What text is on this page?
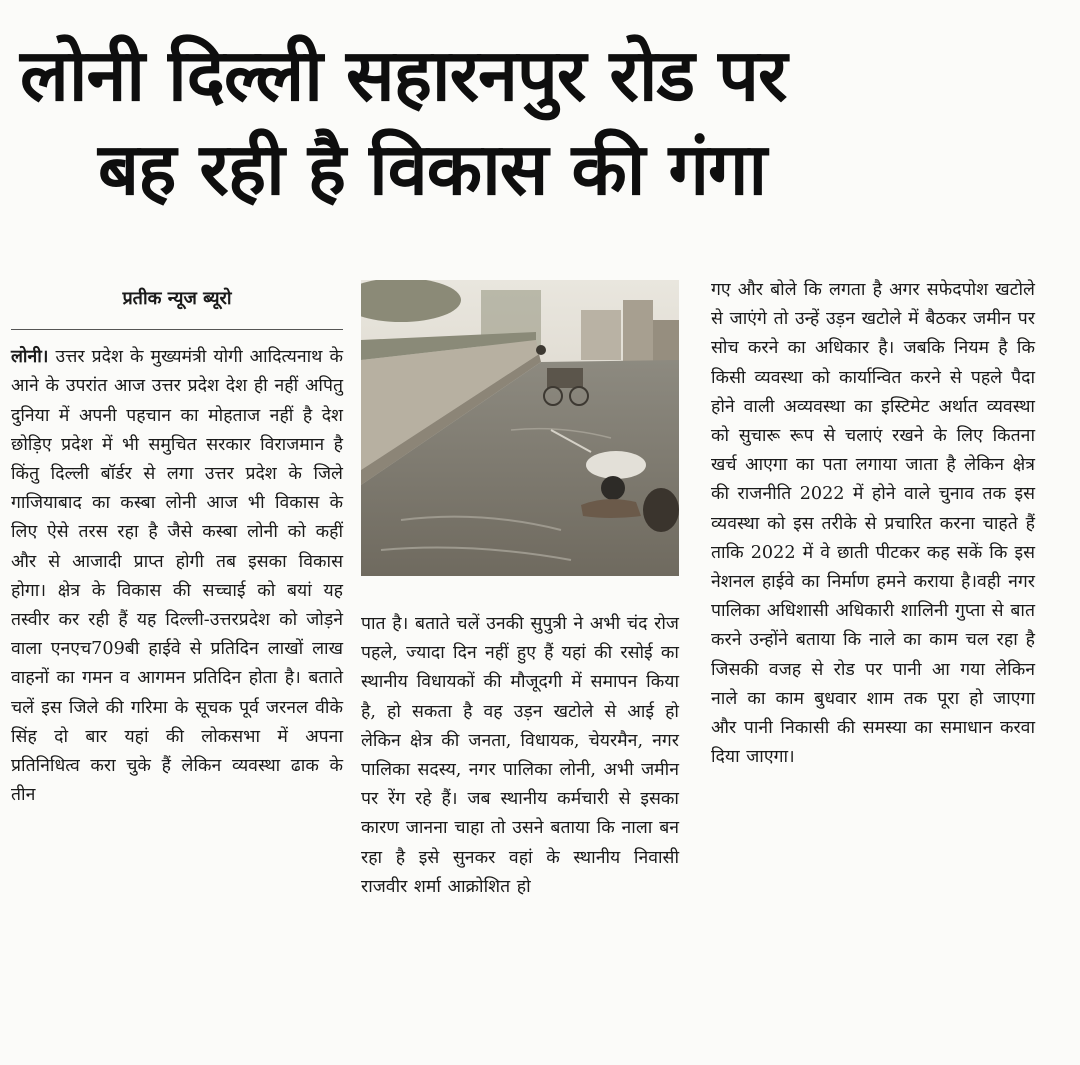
लोनी दिल्ली सहारनपुर रोड पर
बह रही है विकास की गंगा
प्रतीक न्यूज ब्यूरो

लोनी। उत्तर प्रदेश के मुख्यमंत्री योगी आदित्यनाथ के आने के उपरांत आज उत्तर प्रदेश देश ही नहीं अपितु दुनिया में अपनी पहचान का मोहताज नहीं है देश छोड़िए प्रदेश में भी समुचित सरकार विराजमान है किंतु दिल्ली बॉर्डर से लगा उत्तर प्रदेश के जिले गाजियाबाद का कस्बा लोनी आज भी विकास के लिए ऐसे तरस रहा है जैसे कस्बा लोनी को कहीं और से आजादी प्राप्त होगी तब इसका विकास होगा। क्षेत्र के विकास की सच्चाई को बयां यह तस्वीर कर रही हैं यह दिल्ली-उत्तरप्रदेश को जोड़ने वाला एनएच709बी हाईवे से प्रतिदिन लाखों लाख वाहनों का गमन व आगमन प्रतिदिन होता है। बताते चलें इस जिले की गरिमा के सूचक पूर्व जरनल वीके सिंह दो बार यहां की लोकसभा में अपना प्रतिनिधित्व करा चुके हैं लेकिन व्यवस्था ढाक के तीन

पात है। बताते चलें उनकी सुपुत्री ने अभी चंद रोज पहले, ज्यादा दिन नहीं हुए हैं यहां की रसोई का स्थानीय विधायकों की मौजूदगी में समापन किया है, हो सकता है वह उड़न खटोले से आई हो लेकिन क्षेत्र की जनता, विधायक, चेयरमैन, नगर पालिका सदस्य, नगर पालिका लोनी, अभी जमीन पर रेंग रहे हैं। जब स्थानीय कर्मचारी से इसका कारण जानना चाहा तो उसने बताया कि नाला बन रहा है इसे सुनकर वहां के स्थानीय निवासी राजवीर शर्मा आक्रोशित हो

गए और बोले कि लगता है अगर सफेदपोश खटोले से जाएंगे तो उन्हें उड़न खटोले में बैठकर जमीन पर सोच करने का अधिकार है। जबकि नियम है कि किसी व्यवस्था को कार्यान्वित करने से पहले पैदा होने वाली अव्यवस्था का इस्टिमेट अर्थात व्यवस्था को सुचारू रूप से चलाएं रखने के लिए कितना खर्च आएगा का पता लगाया जाता है लेकिन क्षेत्र की राजनीति 2022 में होने वाले चुनाव तक इस व्यवस्था को इस तरीके से प्रचारित करना चाहते हैं ताकि 2022 में वे छाती पीटकर कह सकें कि इस नेशनल हाईवे का निर्माण हमने कराया है।वही नगर पालिका अधिशासी अधिकारी शालिनी गुप्ता से बात करने उन्होंने बताया कि नाले का काम चल रहा है जिसकी वजह से रोड पर पानी आ गया लेकिन नाले का काम बुधवार शाम तक पूरा हो जाएगा और पानी निकासी की समस्या का समाधान करवा दिया जाएगा।
